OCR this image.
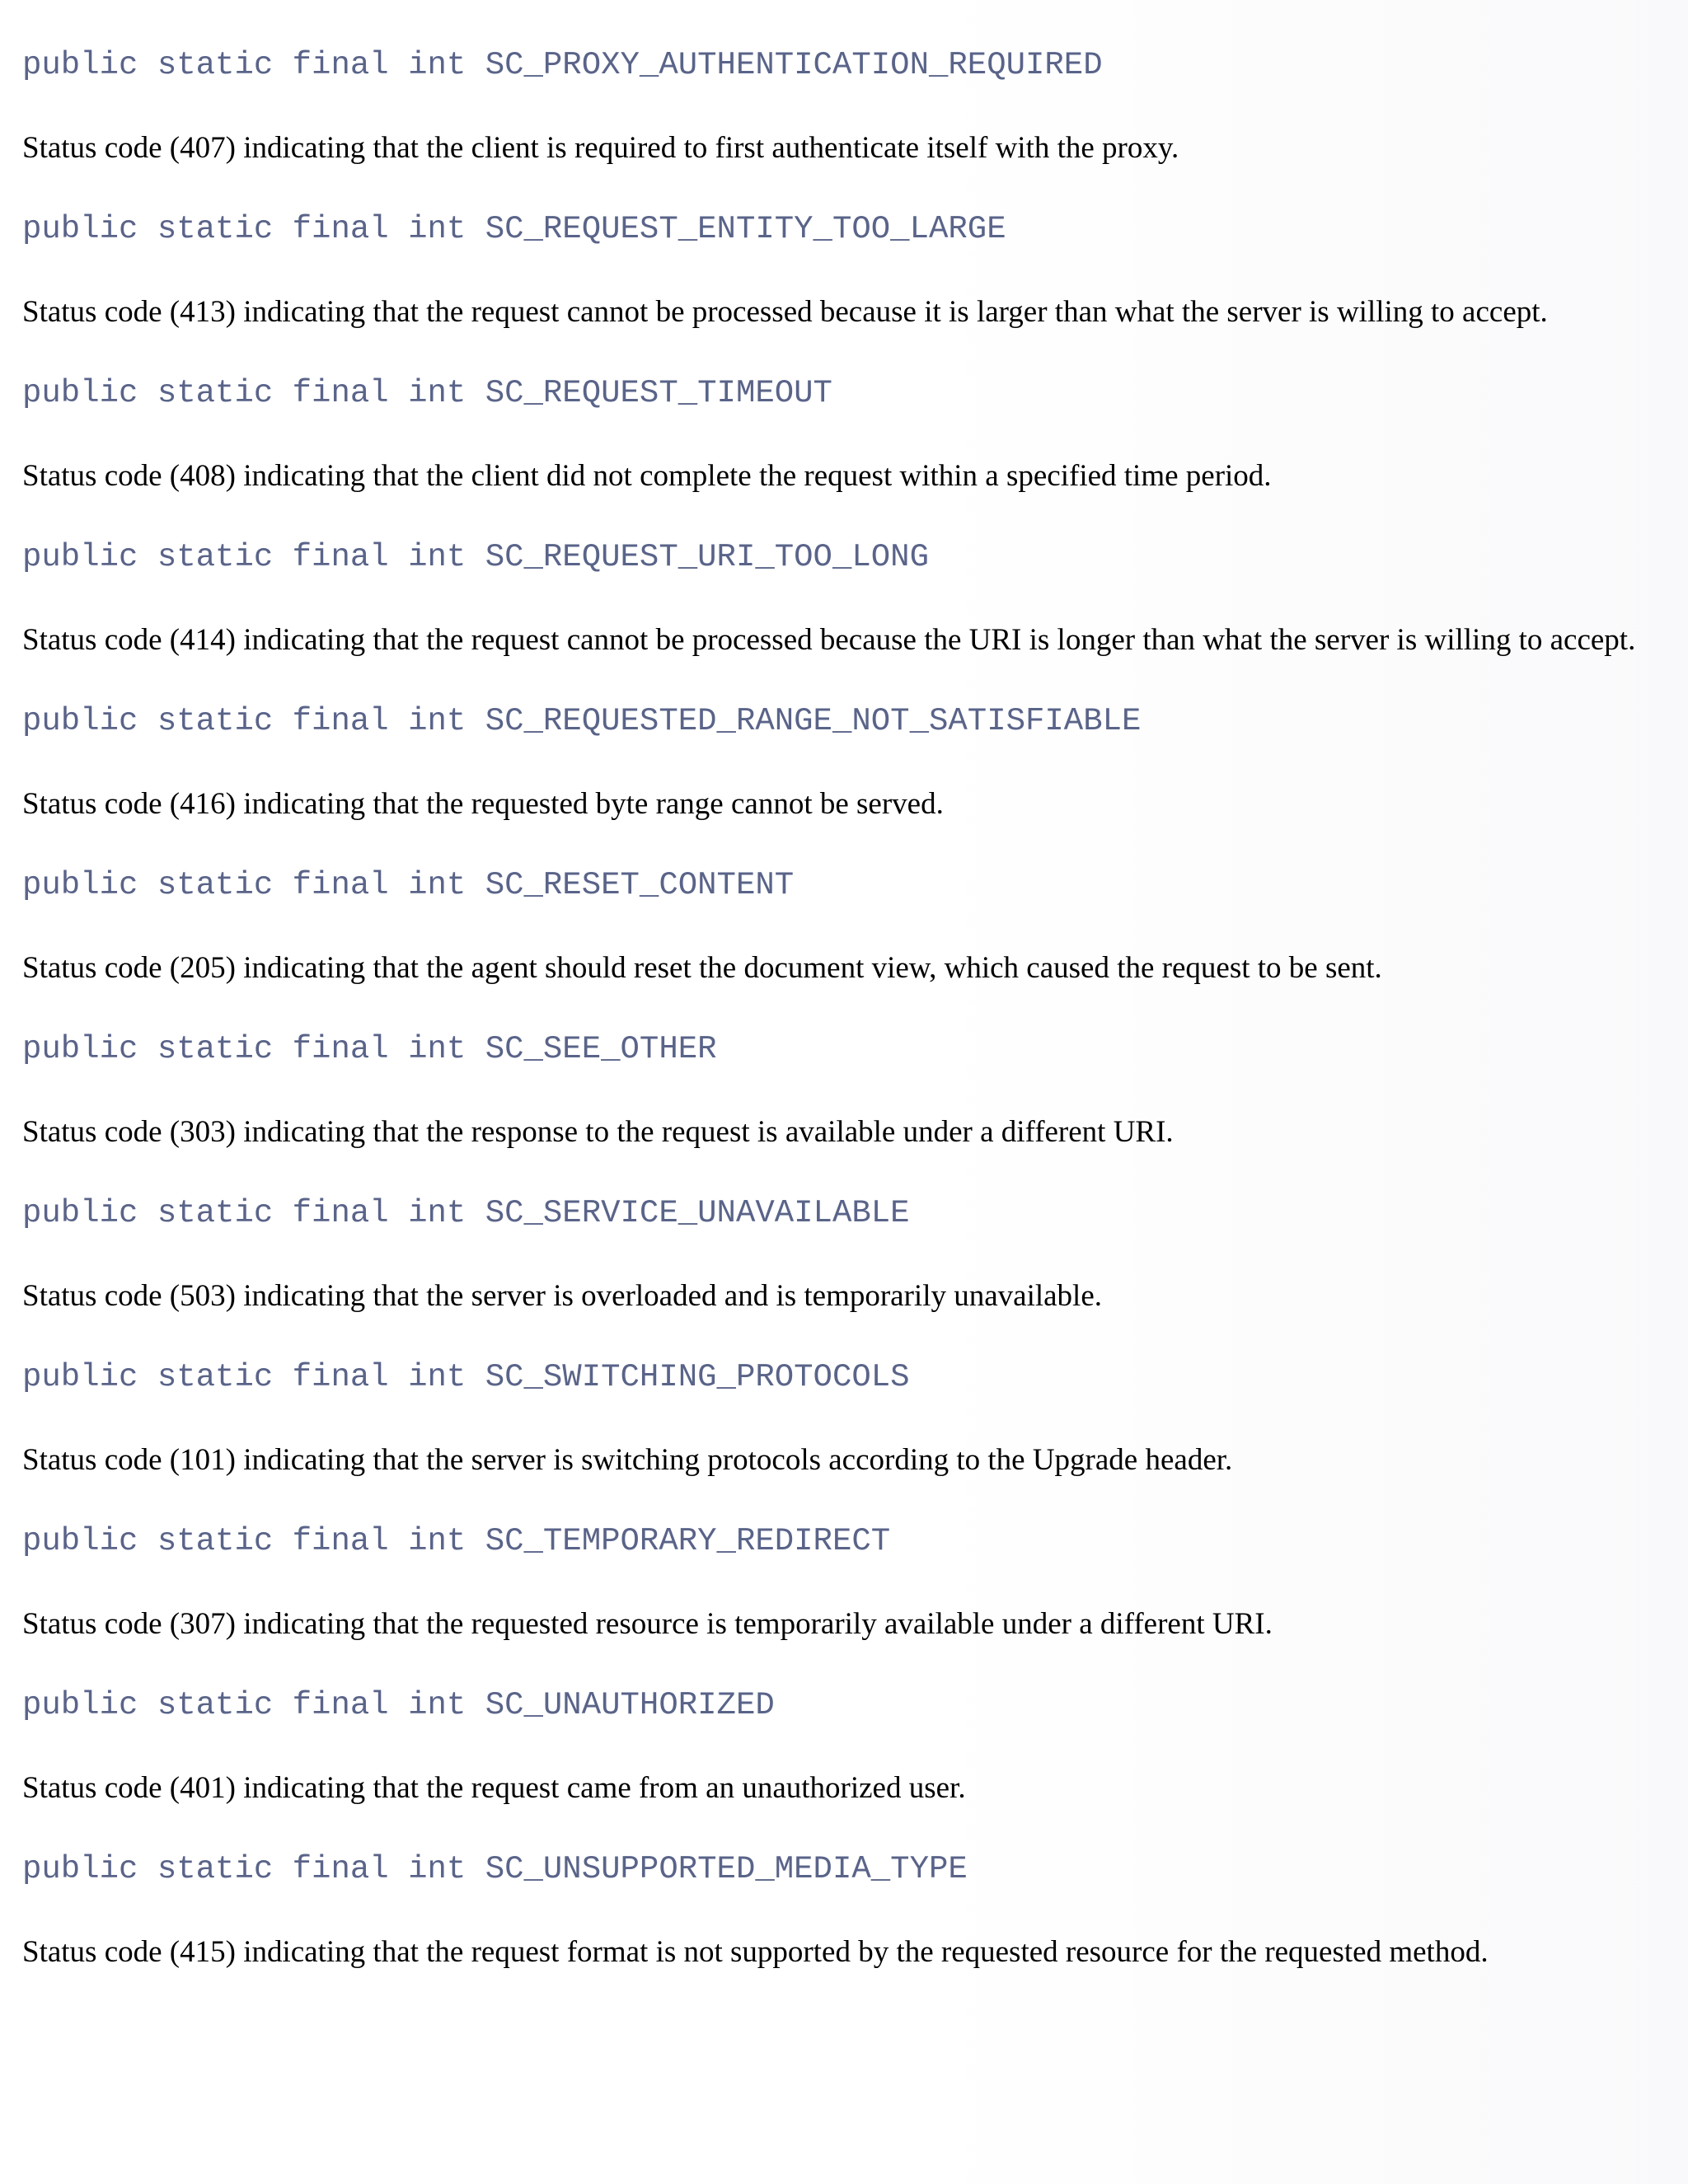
public static final int SC_PROXY_AUTHENTICATION_REQUIRED

Status code (407) indicating that the client is required to first authenticate itself with the proxy.

public static final int SC_REQUEST_ENTITY_TOO_LARGE

Status code (413) indicating that the request cannot be processed because it is larger than what the server is willing to accept.

public static final int SC_REQUEST_TIMEOUT

Status code (408) indicating that the client did not complete the request within a specified time period.

public static final int SC_REQUEST_URI_TOO_LONG

Status code (414) indicating that the request cannot be processed because the URI is longer than what the server is willing to accept.

public static final int SC_REQUESTED_RANGE_NOT_SATISFIABLE

Status code (416) indicating that the requested byte range cannot be served.

public static final int SC_RESET_CONTENT

Status code (205) indicating that the agent should reset the document view, which caused the request to be sent.

public static final int SC_SEE_OTHER

Status code (303) indicating that the response to the request is available under a different URI.

public static final int SC_SERVICE_UNAVAILABLE

Status code (503) indicating that the server is overloaded and is temporarily unavailable.

public static final int SC_SWITCHING_PROTOCOLS

Status code (101) indicating that the server is switching protocols according to the Upgrade header.

public static final int SC_TEMPORARY_REDIRECT

Status code (307) indicating that the requested resource is temporarily available under a different URI.

public static final int SC_UNAUTHORIZED

Status code (401) indicating that the request came from an unauthorized user.

public static final int SC_UNSUPPORTED_MEDIA_TYPE

Status code (415) indicating that the request format is not supported by the requested resource for the requested method.
